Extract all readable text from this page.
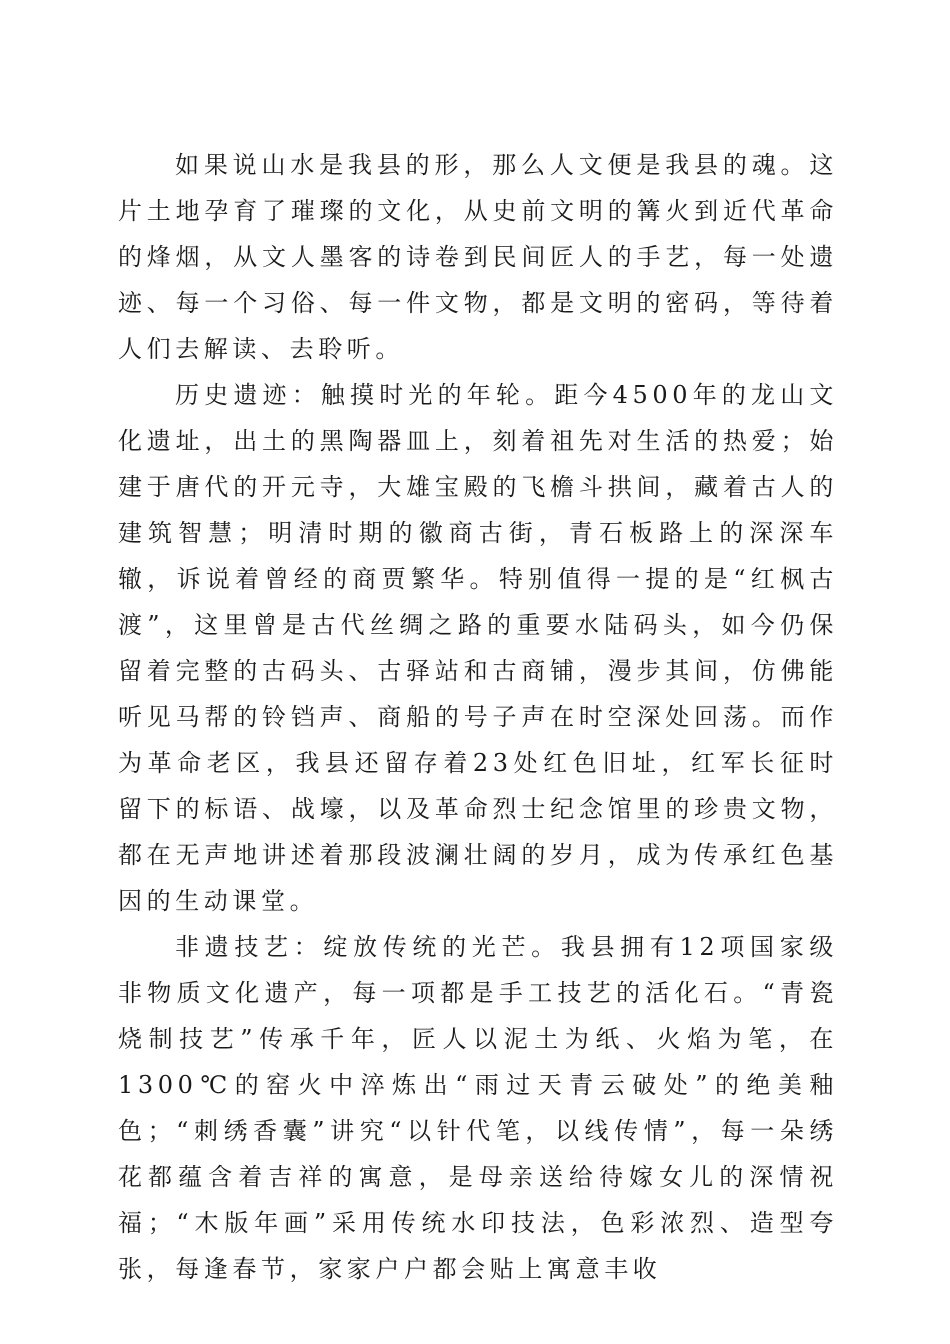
如果说山水是我县的形，那么人文便是我县的魂。这片土地孕育了璀璨的文化，从史前文明的篝火到近代革命的烽烟，从文人墨客的诗卷到民间匠人的手艺，每一处遗迹、每一个习俗、每一件文物，都是文明的密码，等待着人们去解读、去聆听。

历史遗迹：触摸时光的年轮。距今4500年的龙山文化遗址，出土的黑陶器皿上，刻着祖先对生活的热爱；始建于唐代的开元寺，大雄宝殿的飞檐斗拱间，藏着古人的建筑智慧；明清时期的徽商古街，青石板路上的深深车辙，诉说着曾经的商贾繁华。特别值得一提的是“红枫古渡”，这里曾是古代丝绸之路的重要水陆码头，如今仍保留着完整的古码头、古驿站和古商铺，漫步其间，仿佛能听见马帮的铃铛声、商船的号子声在时空深处回荡。而作为革命老区，我县还留存着23处红色旧址，红军长征时留下的标语、战壕，以及革命烈士纪念馆里的珍贵文物，都在无声地讲述着那段波澜壮阔的岁月，成为传承红色基因的生动课堂。

非遗技艺：绽放传统的光芒。我县拥有12项国家级非物质文化遗产，每一项都是手工技艺的活化石。“青瓷烧制技艺”传承千年，匠人以泥土为纸、火焰为笔，在1300℃的窑火中淬炼出“雨过天青云破处”的绝美釉色；“刺绣香囊”讲究“以针代笔，以线传情”，每一朵绣花都蕴含着吉祥的寓意，是母亲送给待嫁女儿的深情祝福；“木版年画”采用传统水印技法，色彩浓烈、造型夸张，每逢春节，家家户户都会贴上寓意丰收
